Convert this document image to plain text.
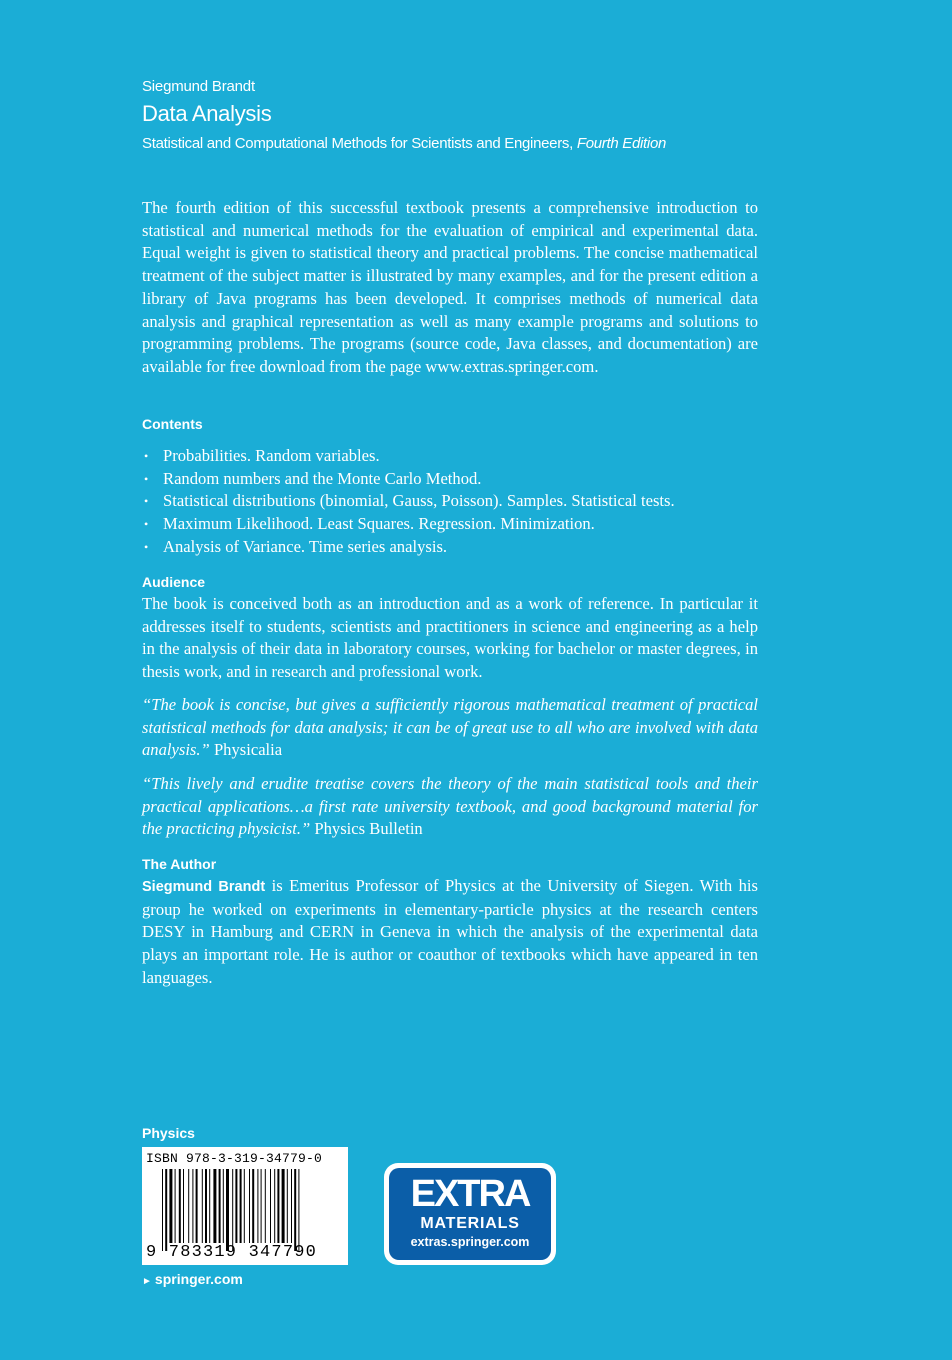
Siegmund Brandt
Data Analysis
Statistical and Computational Methods for Scientists and Engineers, Fourth Edition
The fourth edition of this successful textbook presents a comprehensive introduction to statistical and numerical methods for the evaluation of empirical and experimental data. Equal weight is given to statistical theory and practical problems. The concise mathematical treatment of the subject matter is illustrated by many examples, and for the present edition a library of Java programs has been developed. It comprises methods of numerical data analysis and graphical representation as well as many example programs and solutions to programming problems. The programs (source code, Java classes, and documentation) are available for free download from the page www.extras.springer.com.
Contents
• Probabilities. Random variables.
• Random numbers and the Monte Carlo Method.
• Statistical distributions (binomial, Gauss, Poisson). Samples. Statistical tests.
• Maximum Likelihood. Least Squares. Regression. Minimization.
• Analysis of Variance. Time series analysis.
Audience
The book is conceived both as an introduction and as a work of reference. In particular it addresses itself to students, scientists and practitioners in science and engineering as a help in the analysis of their data in laboratory courses, working for bachelor or master degrees, in thesis work, and in research and professional work.
“The book is concise, but gives a sufficiently rigorous mathematical treatment of practical statistical methods for data analysis; it can be of great use to all who are involved with data analysis.” Physicalia
“This lively and erudite treatise covers the theory of the main statistical tools and their practical applications…a first rate university textbook, and good background material for the practicing physicist.” Physics Bulletin
The Author
Siegmund Brandt is Emeritus Professor of Physics at the University of Siegen. With his group he worked on experiments in elementary-particle physics at the research centers DESY in Hamburg and CERN in Geneva in which the analysis of the experimental data plays an important role. He is author or coauthor of textbooks which have appeared in ten languages.
Physics
ISBN 978-3-319-34779-0
9 783319 347790
► springer.com
EXTRA
MATERIALS
extras.springer.com
